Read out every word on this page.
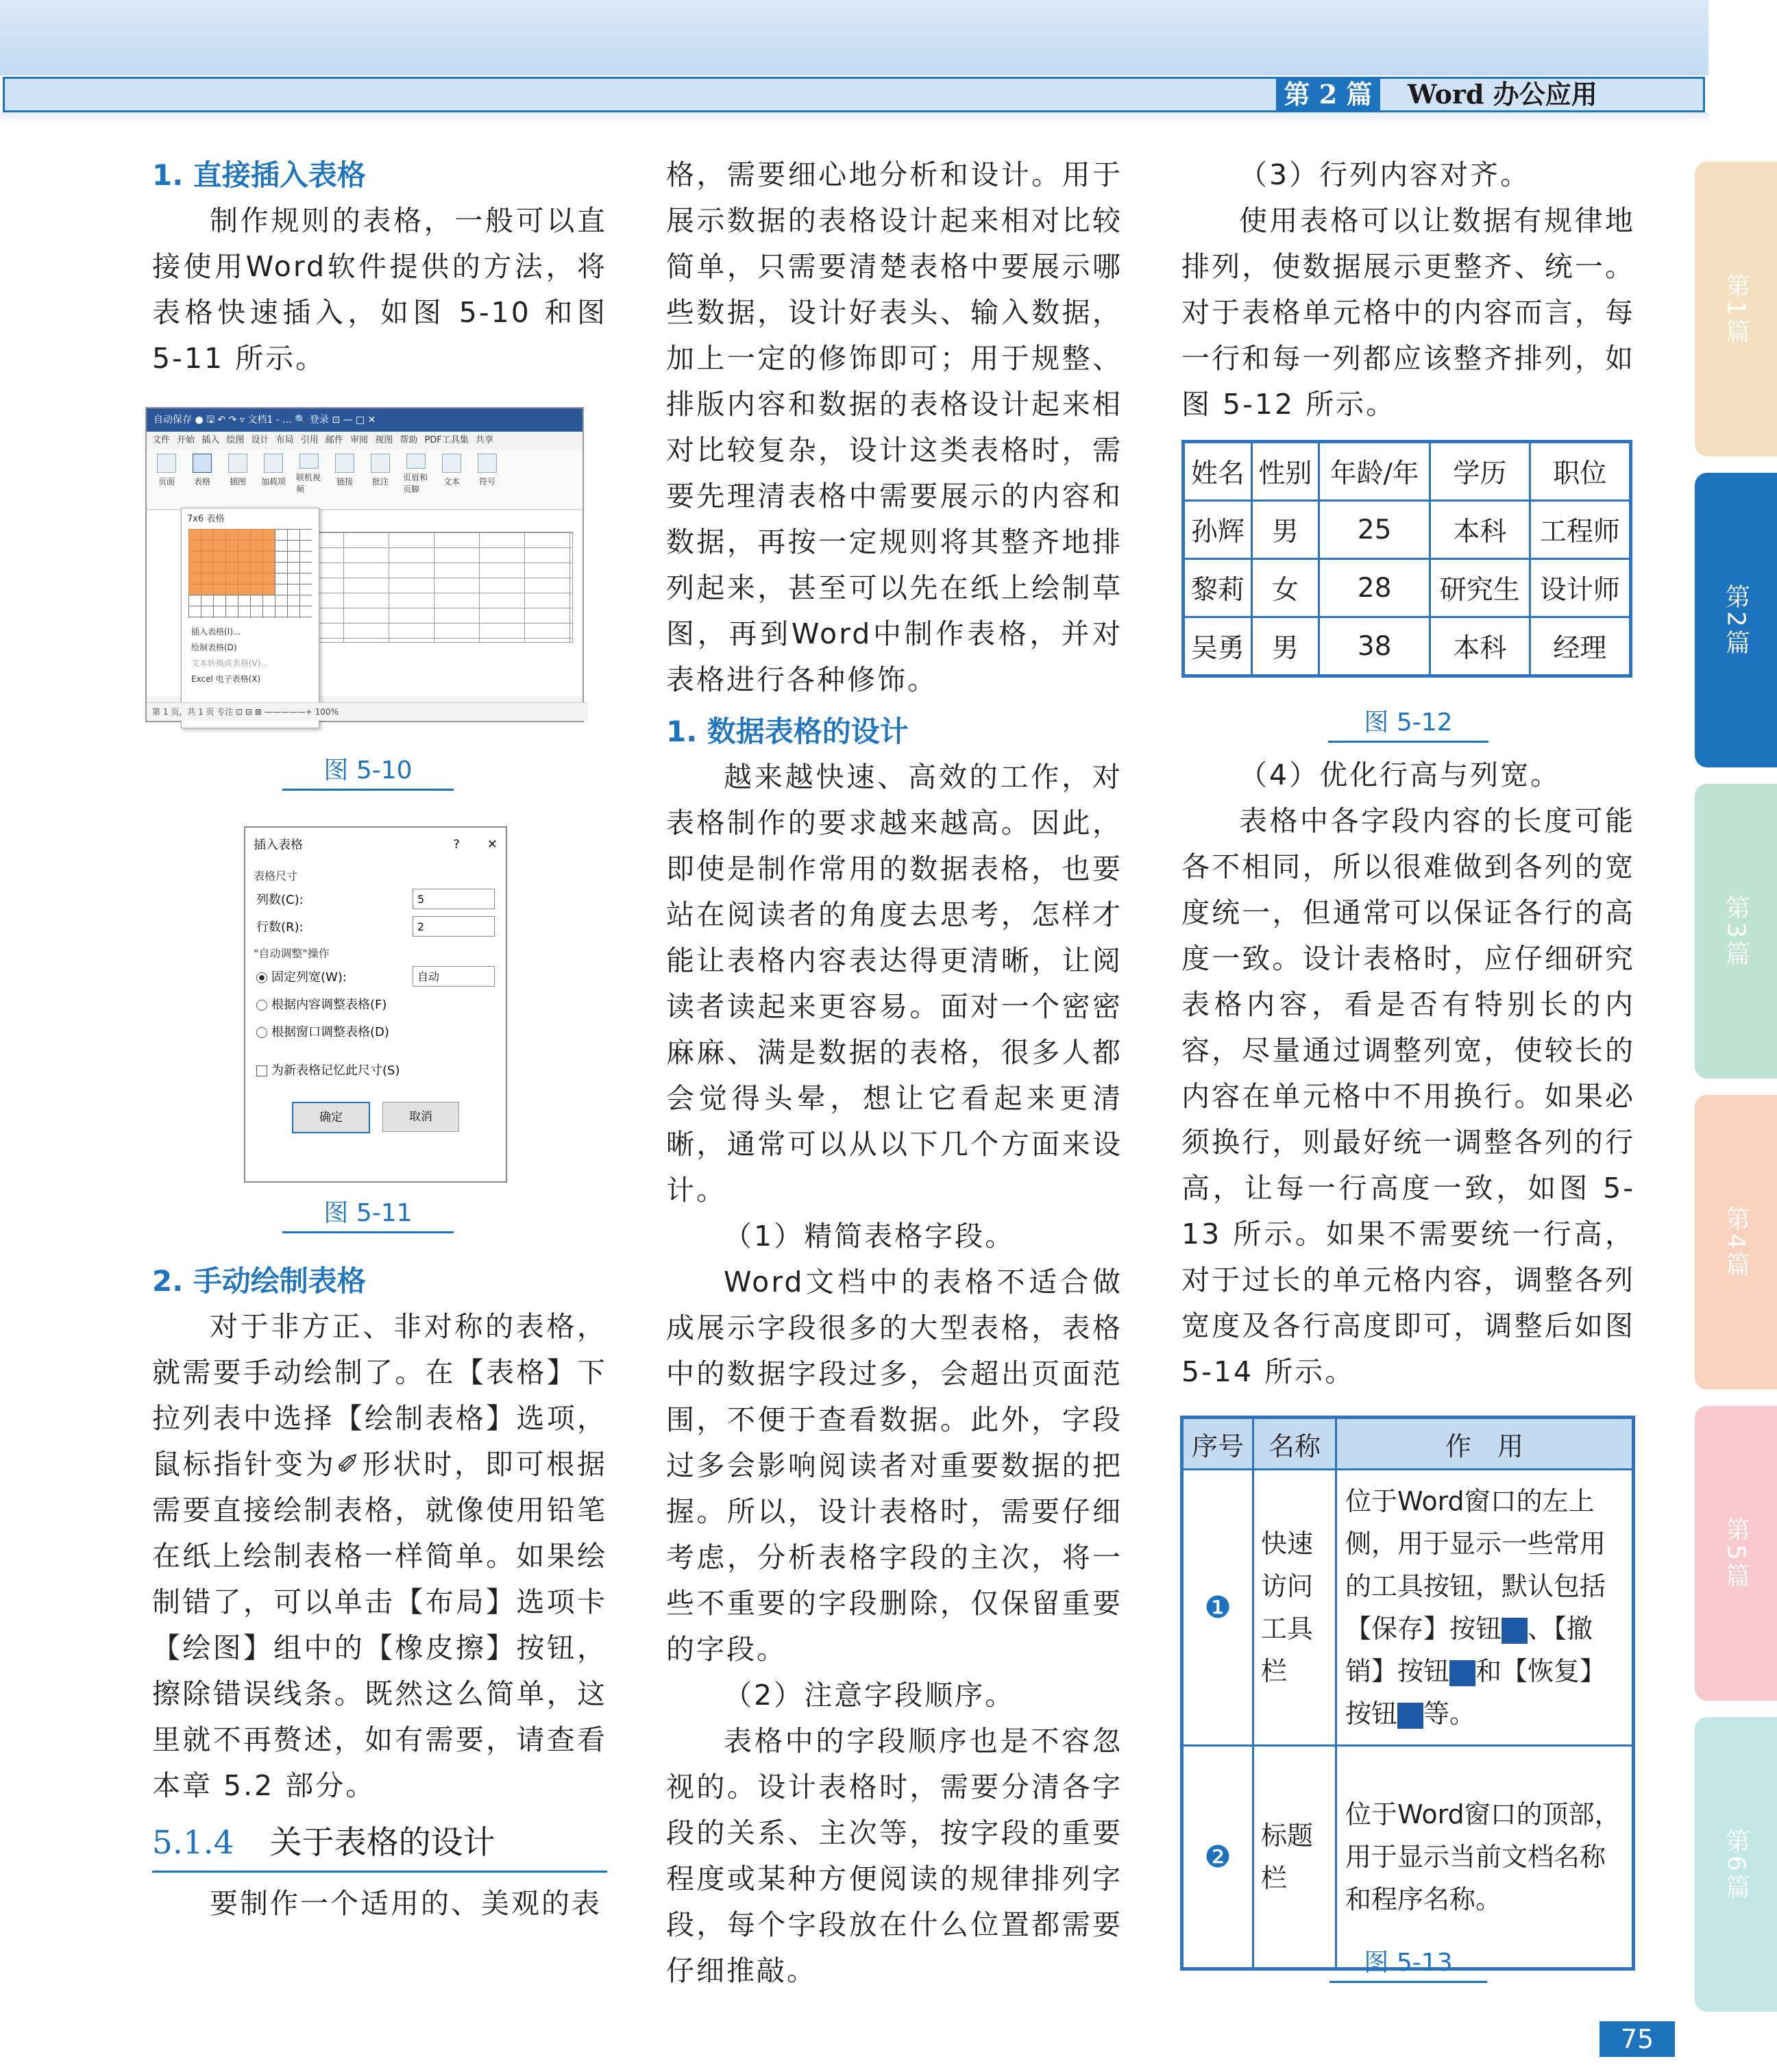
第 2 篇	Word 办公应用
1. 直接插入表格

制作规则的表格，一般可以直接使用Word软件提供的方法，将表格快速插入，如图 5-10 和图 5-11 所示。

自动保存 ● 🖫 ↶ ↷ ▿ 文档1 - ... 🔍 登录 ⊡ — □ ✕
文件 开始 插入 绘图 设计 布局 引用 邮件 审阅 视图 帮助 PDF工具集 共享
页面 表格 插图 加载项 联机视频
链接 批注 页眉和页脚
文本 符号
7x6 表格
插入表格(I)...
绘制表格(D)
文本转换成表格(V)...
Excel 电子表格(X)
第 1 页，共 1 页 专注 ⊡ ⊟ ⊠ —————+ 100%
图 5-10
插入表格	? ✕
表格尺寸
列数(C):	5
行数(R):	2
"自动调整"操作
固定列宽(W):	自动
根据内容调整表格(F)
根据窗口调整表格(D)
为新表格记忆此尺寸(S)
确定	取消
图 5-11
2. 手动绘制表格

对于非方正、非对称的表格，就需要手动绘制了。在【表格】下拉列表中选择【绘制表格】选项，鼠标指针变为✐形状时，即可根据需要直接绘制表格，就像使用铅笔在纸上绘制表格一样简单。如果绘制错了，可以单击【布局】选项卡【绘图】组中的【橡皮擦】按钮，擦除错误线条。既然这么简单，这里就不再赘述，如有需要，请查看本章 5.2 部分。

5.1.4 关于表格的设计

要制作一个适用的、美观的表

格，需要细心地分析和设计。用于展示数据的表格设计起来相对比较简单，只需要清楚表格中要展示哪些数据，设计好表头、输入数据，加上一定的修饰即可；用于规整、排版内容和数据的表格设计起来相对比较复杂，设计这类表格时，需要先理清表格中需要展示的内容和数据，再按一定规则将其整齐地排列起来，甚至可以先在纸上绘制草图，再到Word中制作表格，并对表格进行各种修饰。

1. 数据表格的设计

越来越快速、高效的工作，对表格制作的要求越来越高。因此，即使是制作常用的数据表格，也要站在阅读者的角度去思考，怎样才能让表格内容表达得更清晰，让阅读者读起来更容易。面对一个密密麻麻、满是数据的表格，很多人都会觉得头晕，想让它看起来更清晰，通常可以从以下几个方面来设计。

（1）精简表格字段。

Word文档中的表格不适合做成展示字段很多的大型表格，表格中的数据字段过多，会超出页面范围，不便于查看数据。此外，字段过多会影响阅读者对重要数据的把握。所以，设计表格时，需要仔细考虑，分析表格字段的主次，将一些不重要的字段删除，仅保留重要的字段。

（2）注意字段顺序。

表格中的字段顺序也是不容忽视的。设计表格时，需要分清各字段的关系、主次等，按字段的重要程度或某种方便阅读的规律排列字段，每个字段放在什么位置都需要仔细推敲。

（3）行列内容对齐。

使用表格可以让数据有规律地排列，使数据展示更整齐、统一。对于表格单元格中的内容而言，每一行和每一列都应该整齐排列，如图 5-12 所示。

姓名	性别	年龄/年	学历	职位
孙辉	男	25	本科	工程师
黎莉	女	28	研究生	设计师
吴勇	男	38	本科	经理
图 5-12

（4）优化行高与列宽。

表格中各字段内容的长度可能各不相同，所以很难做到各列的宽度统一，但通常可以保证各行的高度一致。设计表格时，应仔细研究表格内容，看是否有特别长的内容，尽量通过调整列宽，使较长的内容在单元格中不用换行。如果必须换行，则最好统一调整各列的行高，让每一行高度一致，如图 5-13 所示。如果不需要统一行高，对于过长的单元格内容，调整各列宽度及各行高度即可，调整后如图 5-14 所示。

序号	名称	作　用
❶	快速访问工具栏	位于Word窗口的左上侧，用于显示一些常用的工具按钮，默认包括【保存】按钮 、【撤销】按钮 和【恢复】按钮 等。
❷	标题栏	位于Word窗口的顶部，用于显示当前文档名称和程序名称。
图 5-13
第1篇
第2篇
第3篇
第4篇
第5篇
第6篇
75
